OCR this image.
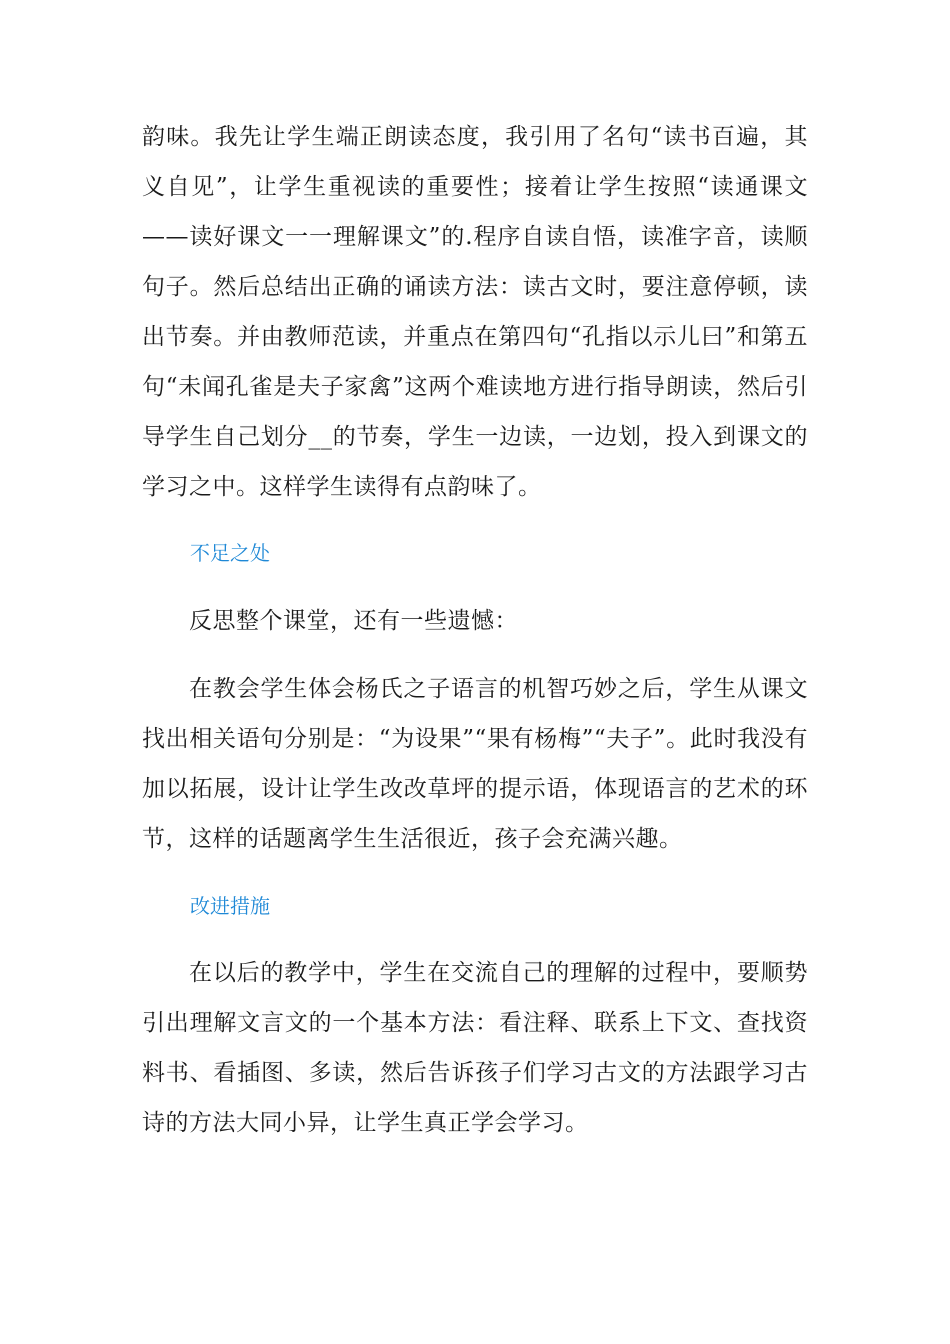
韵味。我先让学生端正朗读态度，我引用了名句“读书百遍，其义自见”，让学生重视读的重要性；接着让学生按照“读通课文——读好课文一一理解课文”的.程序自读自悟，读准字音，读顺句子。然后总结出正确的诵读方法：读古文时，要注意停顿，读出节奏。并由教师范读，并重点在第四句“孔指以示儿曰”和第五句“未闻孔雀是夫子家禽”这两个难读地方进行指导朗读，然后引导学生自己划分__的节奏，学生一边读，一边划，投入到课文的学习之中。这样学生读得有点韵味了。

不足之处

反思整个课堂，还有一些遗憾：

在教会学生体会杨氏之子语言的机智巧妙之后，学生从课文找出相关语句分别是：“为设果”“果有杨梅”“夫子”。此时我没有加以拓展，设计让学生改改草坪的提示语，体现语言的艺术的环节，这样的话题离学生生活很近，孩子会充满兴趣。

改进措施

在以后的教学中，学生在交流自己的理解的过程中，要顺势引出理解文言文的一个基本方法：看注释、联系上下文、查找资料书、看插图、多读，然后告诉孩子们学习古文的方法跟学习古诗的方法大同小异，让学生真正学会学习。
